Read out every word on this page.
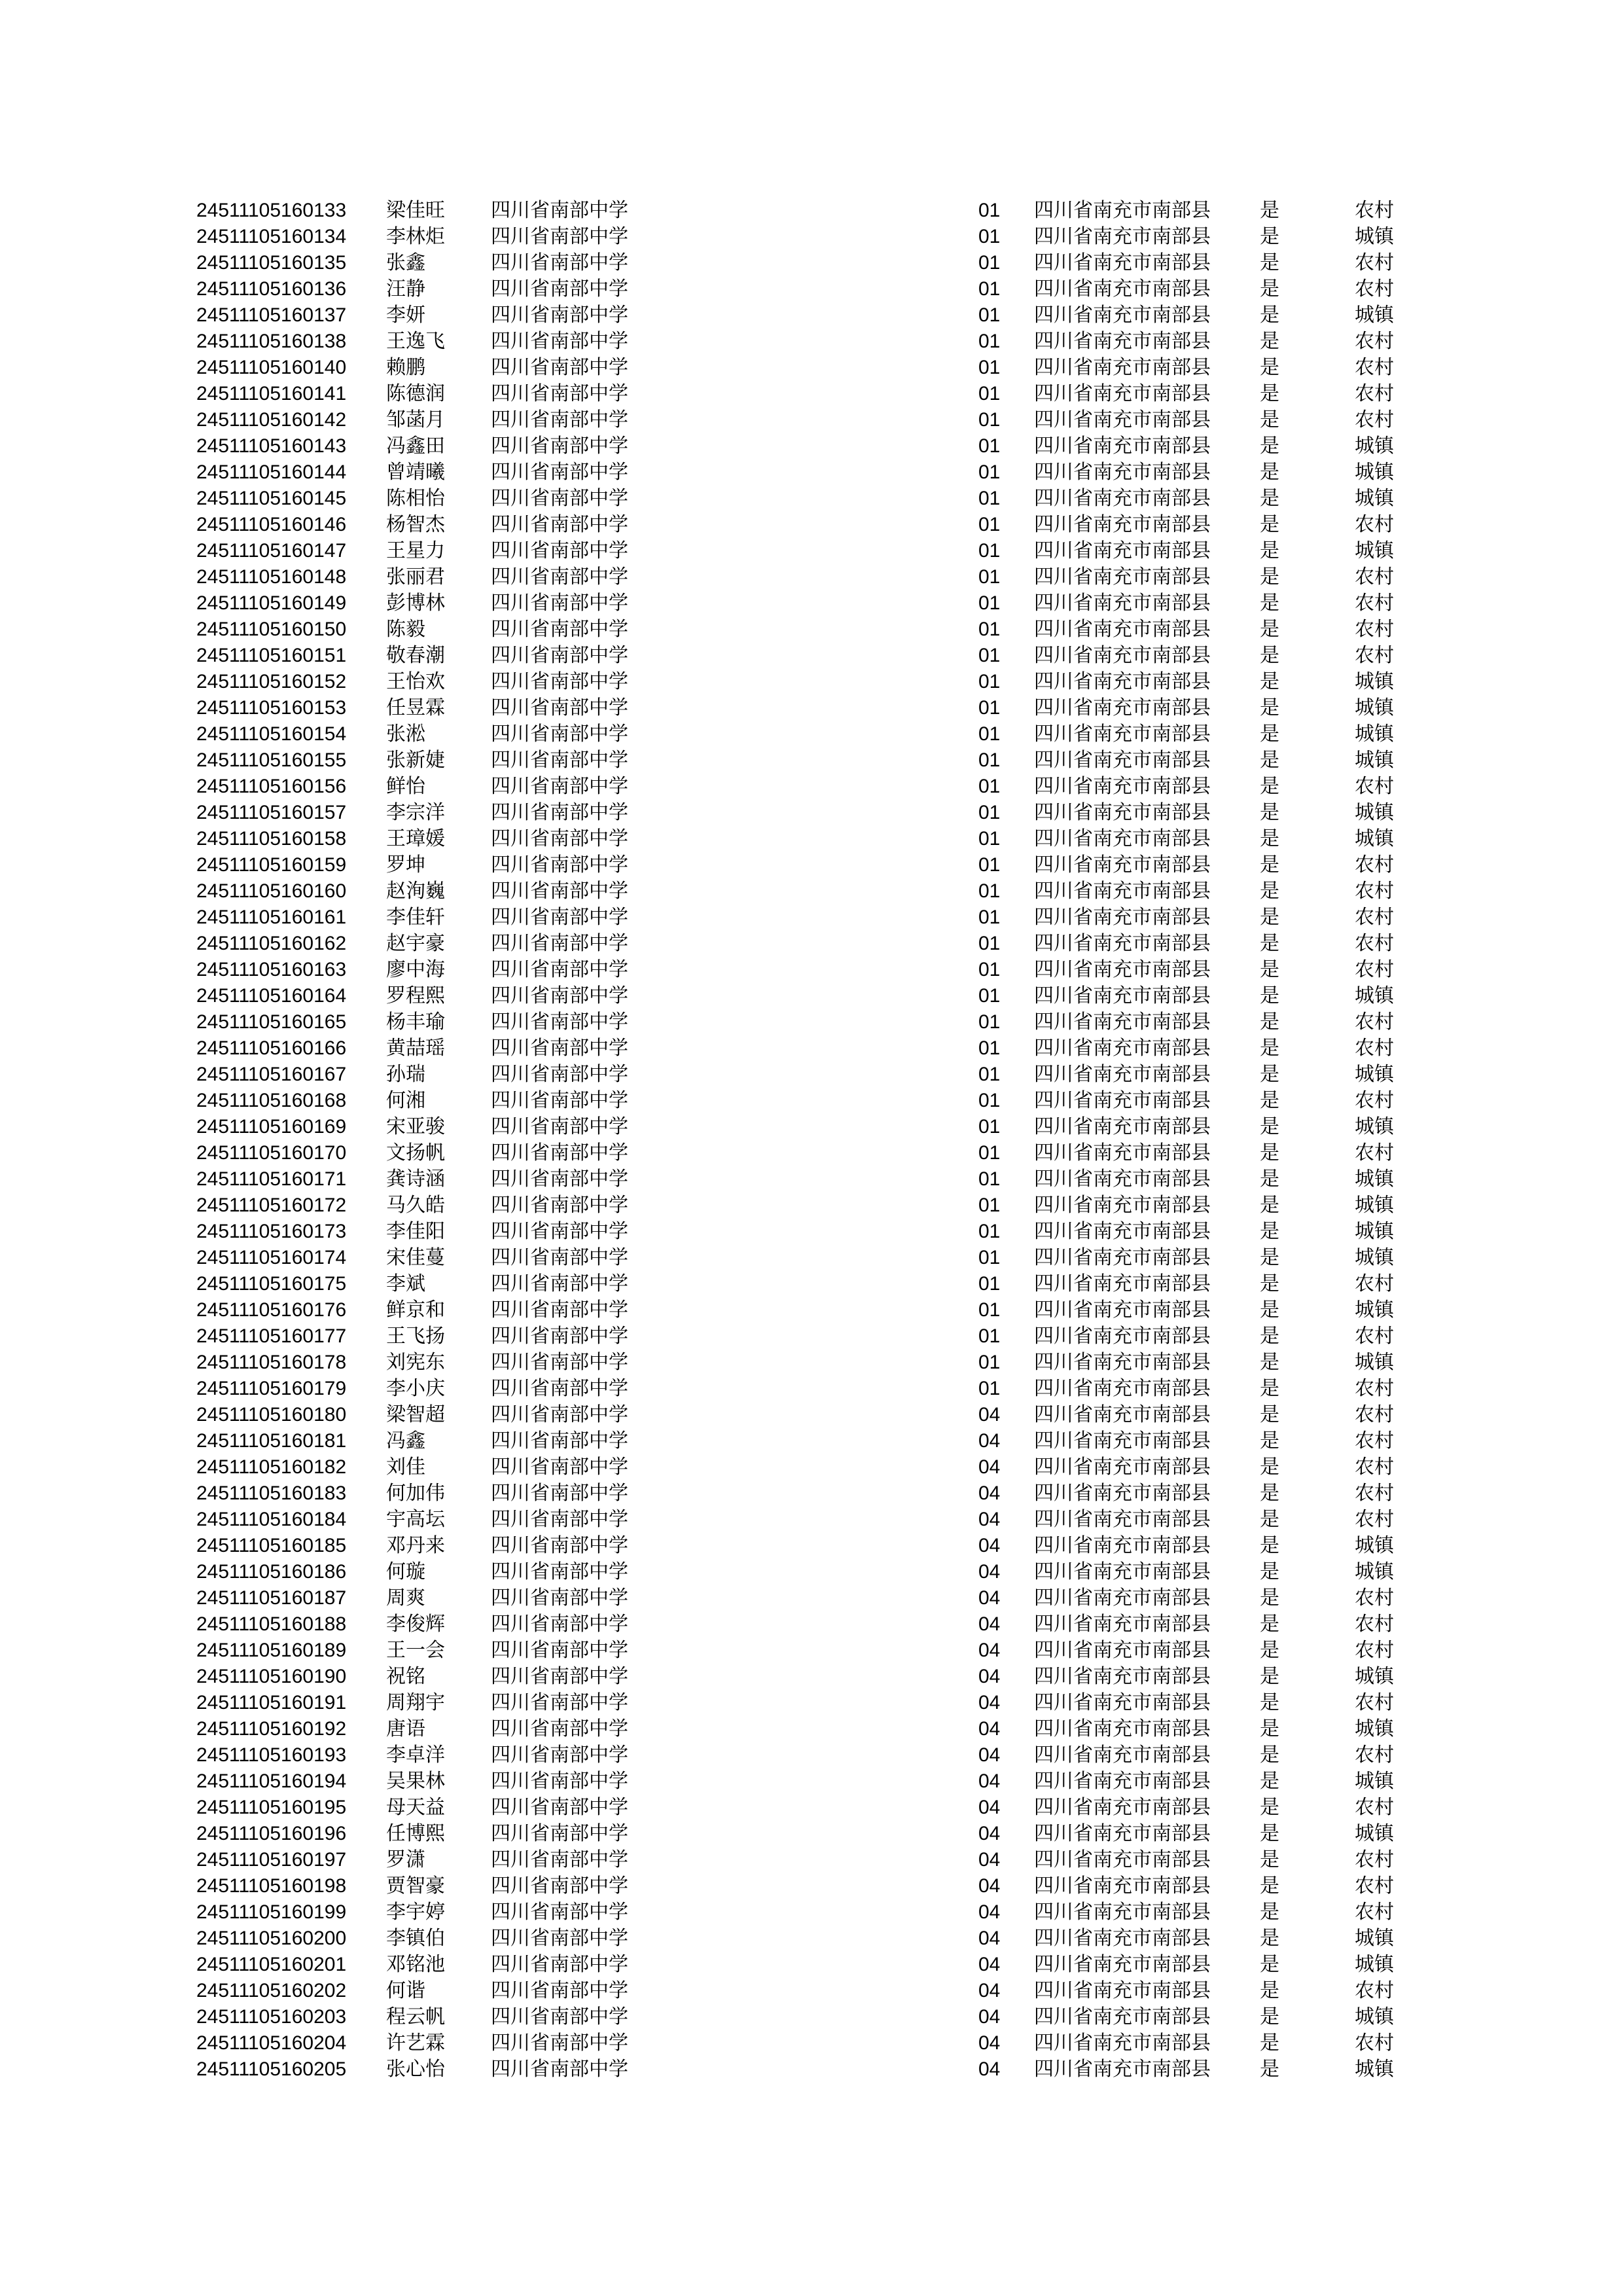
24511105160133	梁佳旺	四川省南部中学	01	四川省南充市南部县	是	农村
24511105160134	李林炬	四川省南部中学	01	四川省南充市南部县	是	城镇
24511105160135	张鑫	四川省南部中学	01	四川省南充市南部县	是	农村
24511105160136	汪静	四川省南部中学	01	四川省南充市南部县	是	农村
24511105160137	李妍	四川省南部中学	01	四川省南充市南部县	是	城镇
24511105160138	王逸飞	四川省南部中学	01	四川省南充市南部县	是	农村
24511105160140	赖鹏	四川省南部中学	01	四川省南充市南部县	是	农村
24511105160141	陈德润	四川省南部中学	01	四川省南充市南部县	是	农村
24511105160142	邹菡月	四川省南部中学	01	四川省南充市南部县	是	农村
24511105160143	冯鑫田	四川省南部中学	01	四川省南充市南部县	是	城镇
24511105160144	曾靖曦	四川省南部中学	01	四川省南充市南部县	是	城镇
24511105160145	陈相怡	四川省南部中学	01	四川省南充市南部县	是	城镇
24511105160146	杨智杰	四川省南部中学	01	四川省南充市南部县	是	农村
24511105160147	王星力	四川省南部中学	01	四川省南充市南部县	是	城镇
24511105160148	张丽君	四川省南部中学	01	四川省南充市南部县	是	农村
24511105160149	彭博林	四川省南部中学	01	四川省南充市南部县	是	农村
24511105160150	陈毅	四川省南部中学	01	四川省南充市南部县	是	农村
24511105160151	敬春潮	四川省南部中学	01	四川省南充市南部县	是	农村
24511105160152	王怡欢	四川省南部中学	01	四川省南充市南部县	是	城镇
24511105160153	任昱霖	四川省南部中学	01	四川省南充市南部县	是	城镇
24511105160154	张淞	四川省南部中学	01	四川省南充市南部县	是	城镇
24511105160155	张新婕	四川省南部中学	01	四川省南充市南部县	是	城镇
24511105160156	鲜怡	四川省南部中学	01	四川省南充市南部县	是	农村
24511105160157	李宗洋	四川省南部中学	01	四川省南充市南部县	是	城镇
24511105160158	王璋媛	四川省南部中学	01	四川省南充市南部县	是	城镇
24511105160159	罗坤	四川省南部中学	01	四川省南充市南部县	是	农村
24511105160160	赵洵巍	四川省南部中学	01	四川省南充市南部县	是	农村
24511105160161	李佳轩	四川省南部中学	01	四川省南充市南部县	是	农村
24511105160162	赵宇豪	四川省南部中学	01	四川省南充市南部县	是	农村
24511105160163	廖中海	四川省南部中学	01	四川省南充市南部县	是	农村
24511105160164	罗程熙	四川省南部中学	01	四川省南充市南部县	是	城镇
24511105160165	杨丰瑜	四川省南部中学	01	四川省南充市南部县	是	农村
24511105160166	黄喆瑶	四川省南部中学	01	四川省南充市南部县	是	农村
24511105160167	孙瑞	四川省南部中学	01	四川省南充市南部县	是	城镇
24511105160168	何湘	四川省南部中学	01	四川省南充市南部县	是	农村
24511105160169	宋亚骏	四川省南部中学	01	四川省南充市南部县	是	城镇
24511105160170	文扬帆	四川省南部中学	01	四川省南充市南部县	是	农村
24511105160171	龚诗涵	四川省南部中学	01	四川省南充市南部县	是	城镇
24511105160172	马久皓	四川省南部中学	01	四川省南充市南部县	是	城镇
24511105160173	李佳阳	四川省南部中学	01	四川省南充市南部县	是	城镇
24511105160174	宋佳蔓	四川省南部中学	01	四川省南充市南部县	是	城镇
24511105160175	李斌	四川省南部中学	01	四川省南充市南部县	是	农村
24511105160176	鲜京和	四川省南部中学	01	四川省南充市南部县	是	城镇
24511105160177	王飞扬	四川省南部中学	01	四川省南充市南部县	是	农村
24511105160178	刘宪东	四川省南部中学	01	四川省南充市南部县	是	城镇
24511105160179	李小庆	四川省南部中学	01	四川省南充市南部县	是	农村
24511105160180	梁智超	四川省南部中学	04	四川省南充市南部县	是	农村
24511105160181	冯鑫	四川省南部中学	04	四川省南充市南部县	是	农村
24511105160182	刘佳	四川省南部中学	04	四川省南充市南部县	是	农村
24511105160183	何加伟	四川省南部中学	04	四川省南充市南部县	是	农村
24511105160184	宇高坛	四川省南部中学	04	四川省南充市南部县	是	农村
24511105160185	邓丹来	四川省南部中学	04	四川省南充市南部县	是	城镇
24511105160186	何璇	四川省南部中学	04	四川省南充市南部县	是	城镇
24511105160187	周爽	四川省南部中学	04	四川省南充市南部县	是	农村
24511105160188	李俊辉	四川省南部中学	04	四川省南充市南部县	是	农村
24511105160189	王一会	四川省南部中学	04	四川省南充市南部县	是	农村
24511105160190	祝铭	四川省南部中学	04	四川省南充市南部县	是	城镇
24511105160191	周翔宇	四川省南部中学	04	四川省南充市南部县	是	农村
24511105160192	唐语	四川省南部中学	04	四川省南充市南部县	是	城镇
24511105160193	李卓洋	四川省南部中学	04	四川省南充市南部县	是	农村
24511105160194	吴果林	四川省南部中学	04	四川省南充市南部县	是	城镇
24511105160195	母天益	四川省南部中学	04	四川省南充市南部县	是	农村
24511105160196	任博熙	四川省南部中学	04	四川省南充市南部县	是	城镇
24511105160197	罗潇	四川省南部中学	04	四川省南充市南部县	是	农村
24511105160198	贾智豪	四川省南部中学	04	四川省南充市南部县	是	农村
24511105160199	李宇婷	四川省南部中学	04	四川省南充市南部县	是	农村
24511105160200	李镇伯	四川省南部中学	04	四川省南充市南部县	是	城镇
24511105160201	邓铭池	四川省南部中学	04	四川省南充市南部县	是	城镇
24511105160202	何谐	四川省南部中学	04	四川省南充市南部县	是	农村
24511105160203	程云帆	四川省南部中学	04	四川省南充市南部县	是	城镇
24511105160204	许艺霖	四川省南部中学	04	四川省南充市南部县	是	农村
24511105160205	张心怡	四川省南部中学	04	四川省南充市南部县	是	城镇
